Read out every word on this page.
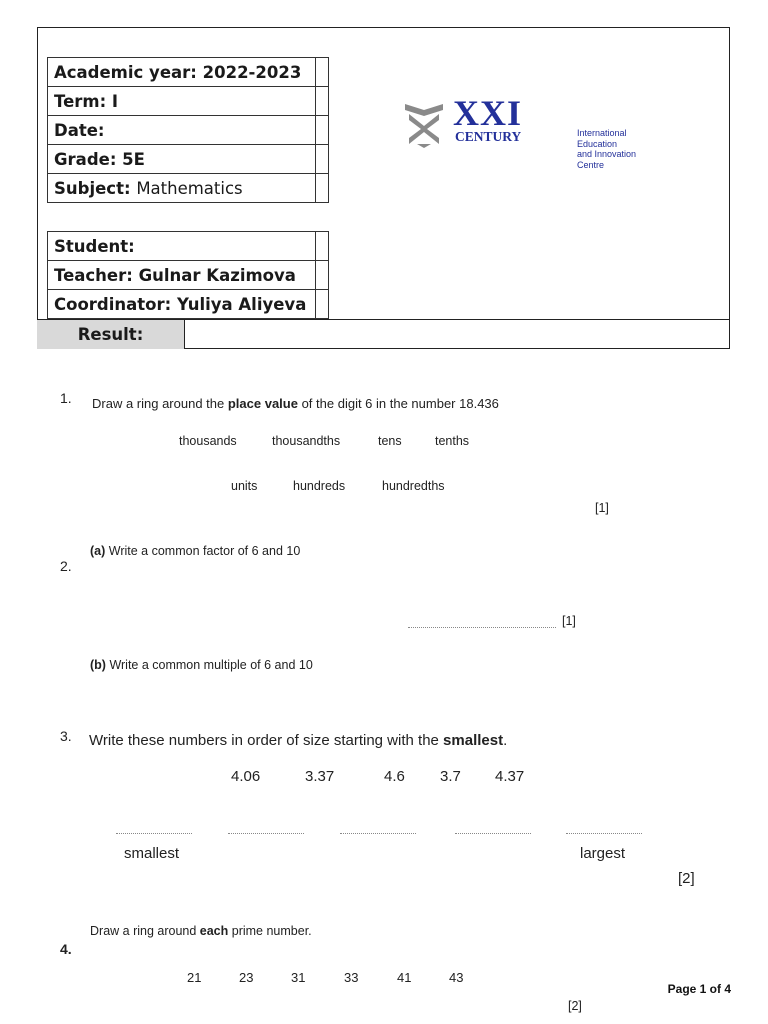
Academic year: 2022-2023	
Term: I	
Date:	
Grade: 5E	
Subject: Mathematics	
Student:	
Teacher: Gulnar Kazimova	
Coordinator: Yuliya Aliyeva	
Result:
XXI
CENTURY	International
Education
and Innovation
Centre
1. Draw a ring around the place value of the digit 6 in the number 18.436
thousands	thousandths	tens	tenths
units	hundreds	hundredths
[1]
(a) Write a common factor of 6 and 10
2.
[1]
(b) Write a common multiple of 6 and 10
3. Write these numbers in order of size starting with the smallest.
4.06	3.37	4.6 3.7 4.37
smallest	largest
[2]
Draw a ring around each prime number.
4.
21	23	31	33	41	43
[2]
Page 1 of 4
